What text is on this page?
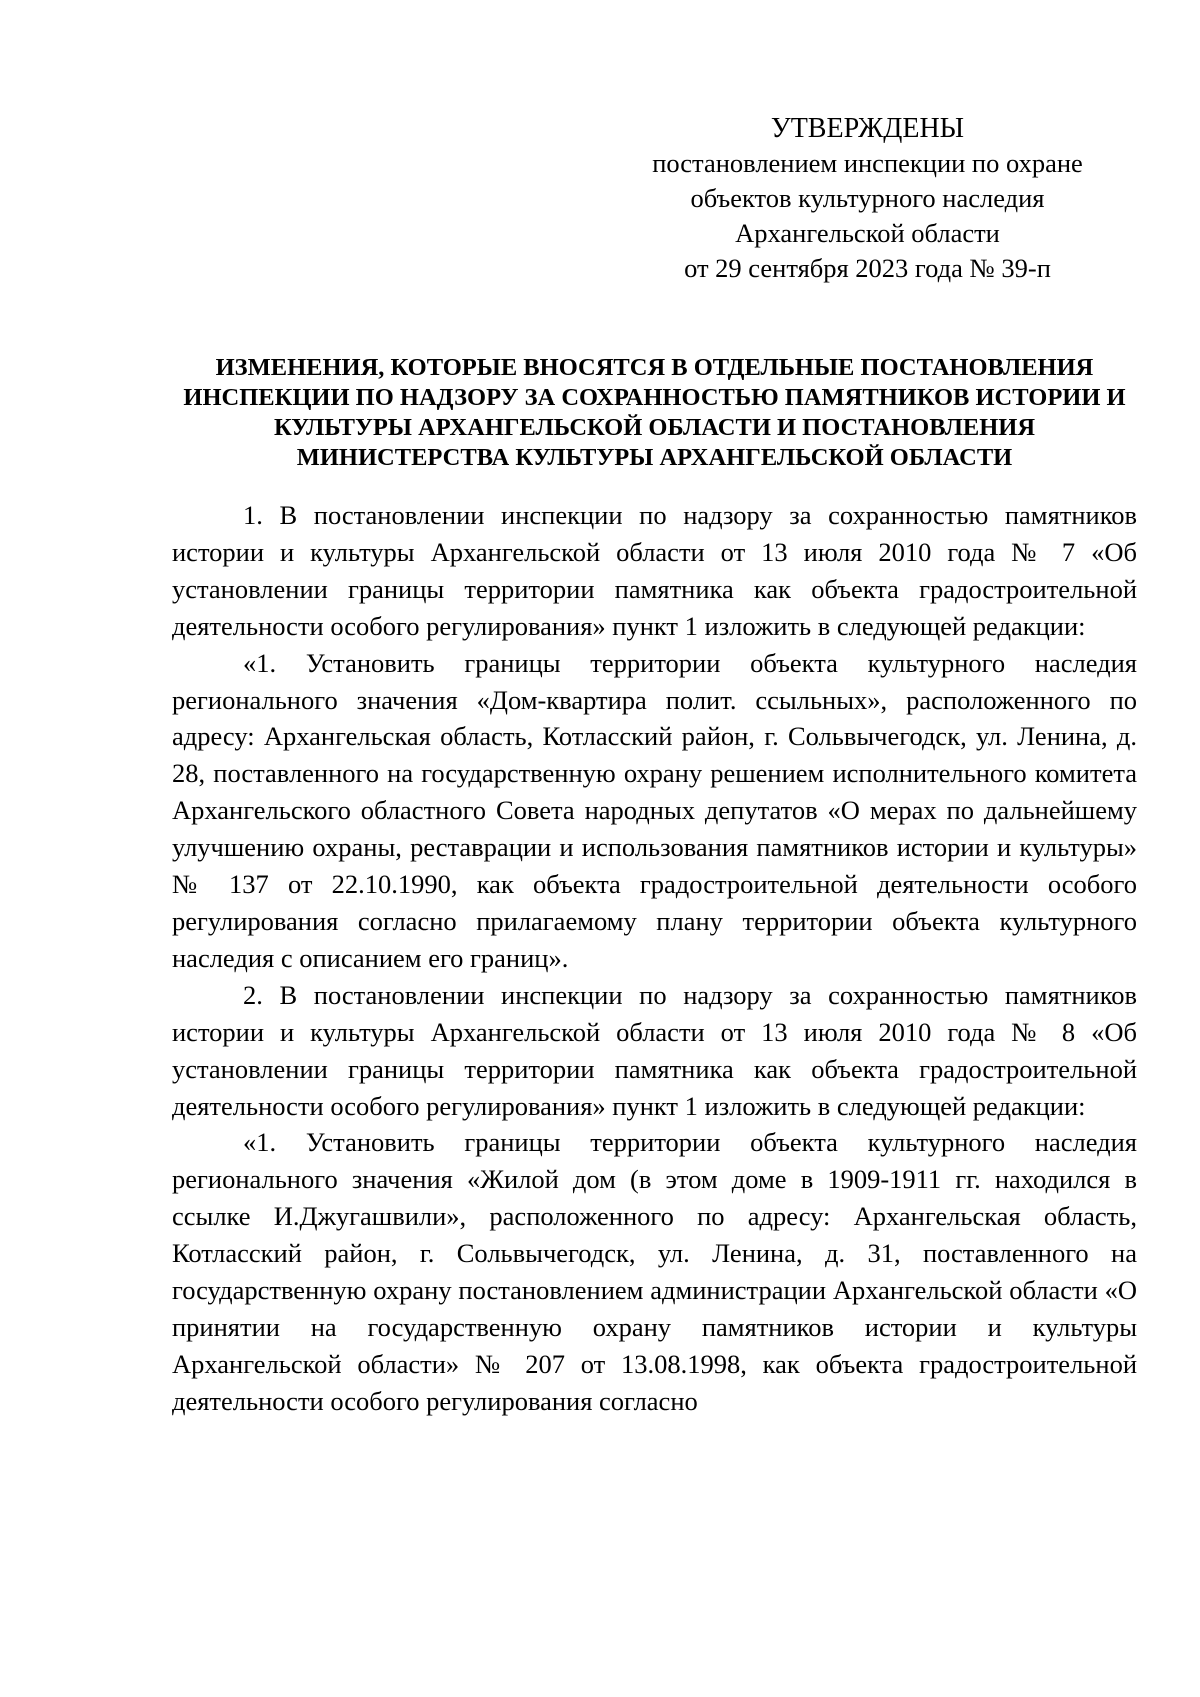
УТВЕРЖДЕНЫ
постановлением инспекции по охране
объектов культурного наследия
Архангельской области
от 29 сентября 2023 года № 39-п
ИЗМЕНЕНИЯ, КОТОРЫЕ ВНОСЯТСЯ В ОТДЕЛЬНЫЕ ПОСТАНОВЛЕНИЯ
ИНСПЕКЦИИ ПО НАДЗОРУ ЗА СОХРАННОСТЬЮ ПАМЯТНИКОВ ИСТОРИИ И
КУЛЬТУРЫ АРХАНГЕЛЬСКОЙ ОБЛАСТИ И ПОСТАНОВЛЕНИЯ
МИНИСТЕРСТВА КУЛЬТУРЫ АРХАНГЕЛЬСКОЙ ОБЛАСТИ

1. В постановлении инспекции по надзору за сохранностью памятников истории и культуры Архангельской области от 13 июля 2010 года № 7 «Об установлении границы территории памятника как объекта градостроительной деятельности особого регулирования» пункт 1 изложить в следующей редакции:

«1. Установить границы территории объекта культурного наследия регионального значения «Дом-квартира полит. ссыльных», расположенного по адресу: Архангельская область, Котласский район, г. Сольвычегодск, ул. Ленина, д. 28, поставленного на государственную охрану решением исполнительного комитета Архангельского областного Совета народных депутатов «О мерах по дальнейшему улучшению охраны, реставрации и использования памятников истории и культуры» № 137 от 22.10.1990, как объекта градостроительной деятельности особого регулирования согласно прилагаемому плану территории объекта культурного наследия с описанием его границ».

2. В постановлении инспекции по надзору за сохранностью памятников истории и культуры Архангельской области от 13 июля 2010 года № 8 «Об установлении границы территории памятника как объекта градостроительной деятельности особого регулирования» пункт 1 изложить в следующей редакции:

«1. Установить границы территории объекта культурного наследия регионального значения «Жилой дом (в этом доме в 1909-1911 гг. находился в ссылке И.Джугашвили», расположенного по адресу: Архангельская область, Котласский район, г. Сольвычегодск, ул. Ленина, д. 31, поставленного на государственную охрану постановлением администрации Архангельской области «О принятии на государственную охрану памятников истории и культуры Архангельской области» № 207 от 13.08.1998, как объекта градостроительной деятельности особого регулирования согласно
